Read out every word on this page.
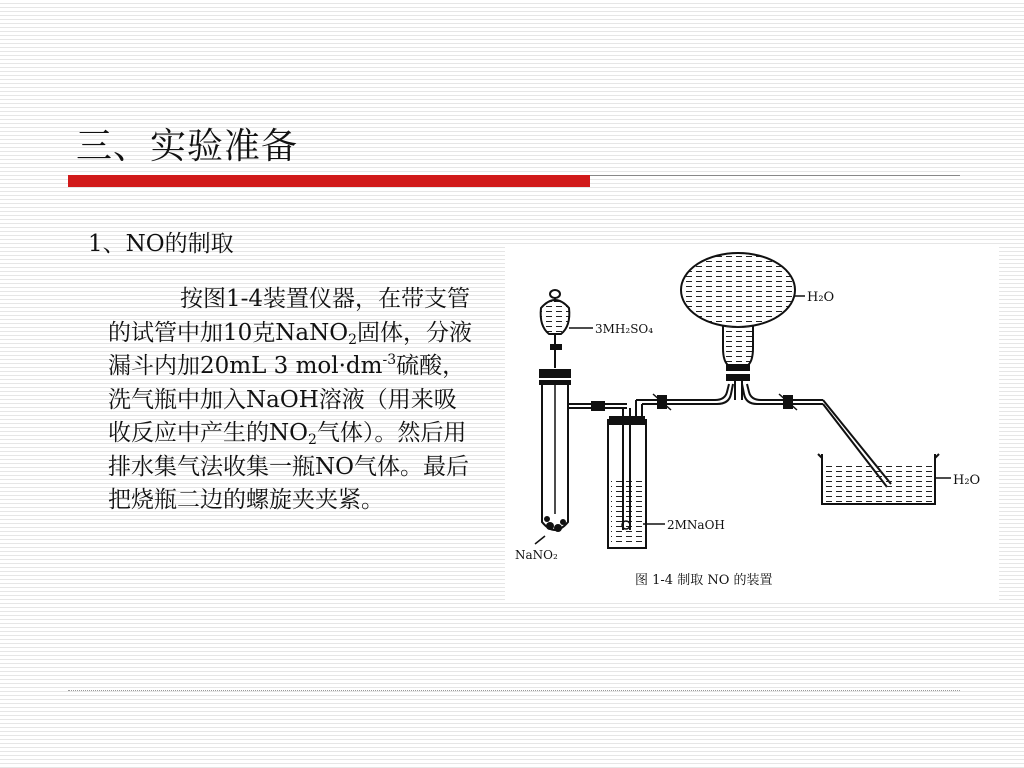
三、实验准备
1、NO的制取
按图1-4装置仪器，在带支管的试管中加10克NaNO$_2$固体，分液漏斗内加20mL 3 $mol\cdot dm^{-3}$硫酸，洗气瓶中加入NaOH溶液（用来吸收反应中产生的$NO_2$气体）。然后用排水集气法收集一瓶NO气体。最后把烧瓶二边的螺旋夹夹紧。
H₂O
3MH₂SO₄
NaNO₂
2MNaOH
H₂O
图 1-4 制取 NO 的装置
